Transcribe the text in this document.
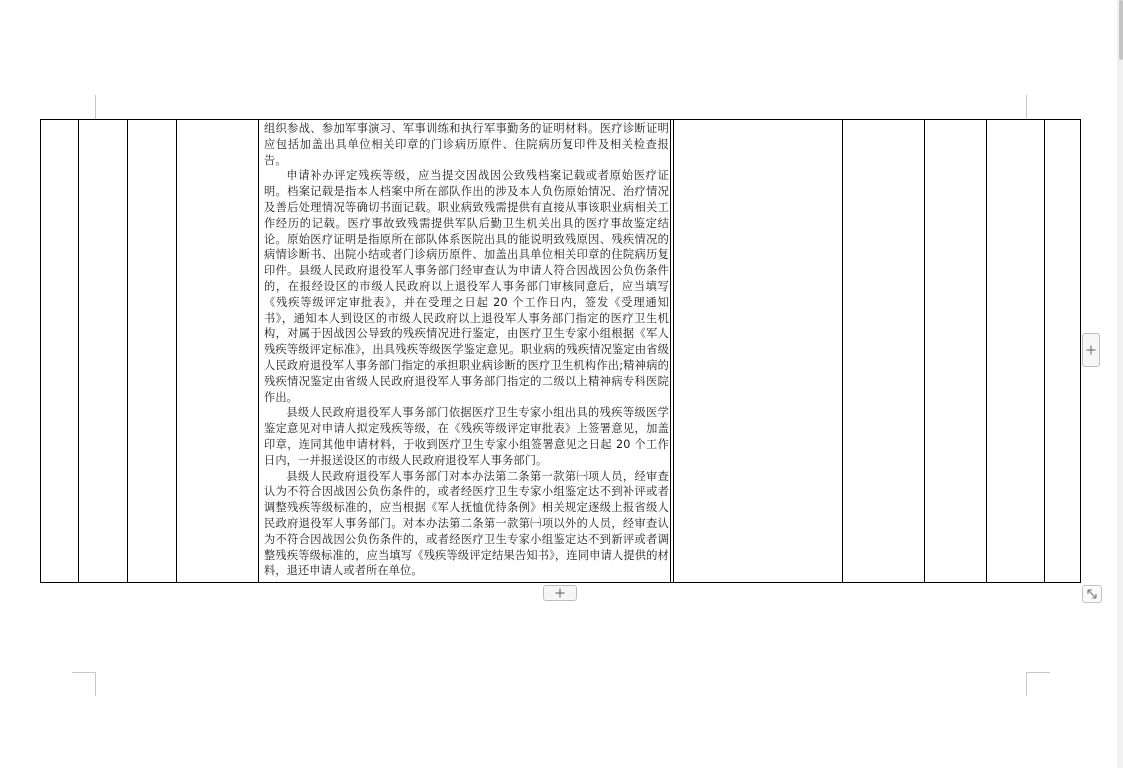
组织参战、参加军事演习、军事训练和执行军事勤务的证明材料。医疗诊断证明应包括加盖出具单位相关印章的门诊病历原件、住院病历复印件及相关检查报告。

申请补办评定残疾等级，应当提交因战因公致残档案记载或者原始医疗证明。档案记载是指本人档案中所在部队作出的涉及本人负伤原始情况、治疗情况及善后处理情况等确切书面记载。职业病致残需提供有直接从事该职业病相关工作经历的记载。医疗事故致残需提供军队后勤卫生机关出具的医疗事故鉴定结论。原始医疗证明是指原所在部队体系医院出具的能说明致残原因、残疾情况的病情诊断书、出院小结或者门诊病历原件、加盖出具单位相关印章的住院病历复印件。县级人民政府退役军人事务部门经审查认为申请人符合因战因公负伤条件的，在报经设区的市级人民政府以上退役军人事务部门审核同意后，应当填写《残疾等级评定审批表》，并在受理之日起 20 个工作日内，签发《受理通知书》，通知本人到设区的市级人民政府以上退役军人事务部门指定的医疗卫生机构，对属于因战因公导致的残疾情况进行鉴定，由医疗卫生专家小组根据《军人残疾等级评定标准》，出具残疾等级医学鉴定意见。职业病的残疾情况鉴定由省级人民政府退役军人事务部门指定的承担职业病诊断的医疗卫生机构作出;精神病的残疾情况鉴定由省级人民政府退役军人事务部门指定的二级以上精神病专科医院作出。

县级人民政府退役军人事务部门依据医疗卫生专家小组出具的残疾等级医学鉴定意见对申请人拟定残疾等级，在《残疾等级评定审批表》上签署意见，加盖印章，连同其他申请材料，于收到医疗卫生专家小组签署意见之日起 20 个工作日内，一并报送设区的市级人民政府退役军人事务部门。

县级人民政府退役军人事务部门对本办法第二条第一款第㈠项人员，经审查认为不符合因战因公负伤条件的，或者经医疗卫生专家小组鉴定达不到补评或者调整残疾等级标准的，应当根据《军人抚恤优待条例》相关规定逐级上报省级人民政府退役军人事务部门。对本办法第二条第一款第㈠项以外的人员，经审查认为不符合因战因公负伤条件的，或者经医疗卫生专家小组鉴定达不到新评或者调整残疾等级标准的，应当填写《残疾等级评定结果告知书》，连同申请人提供的材料，退还申请人或者所在单位。
